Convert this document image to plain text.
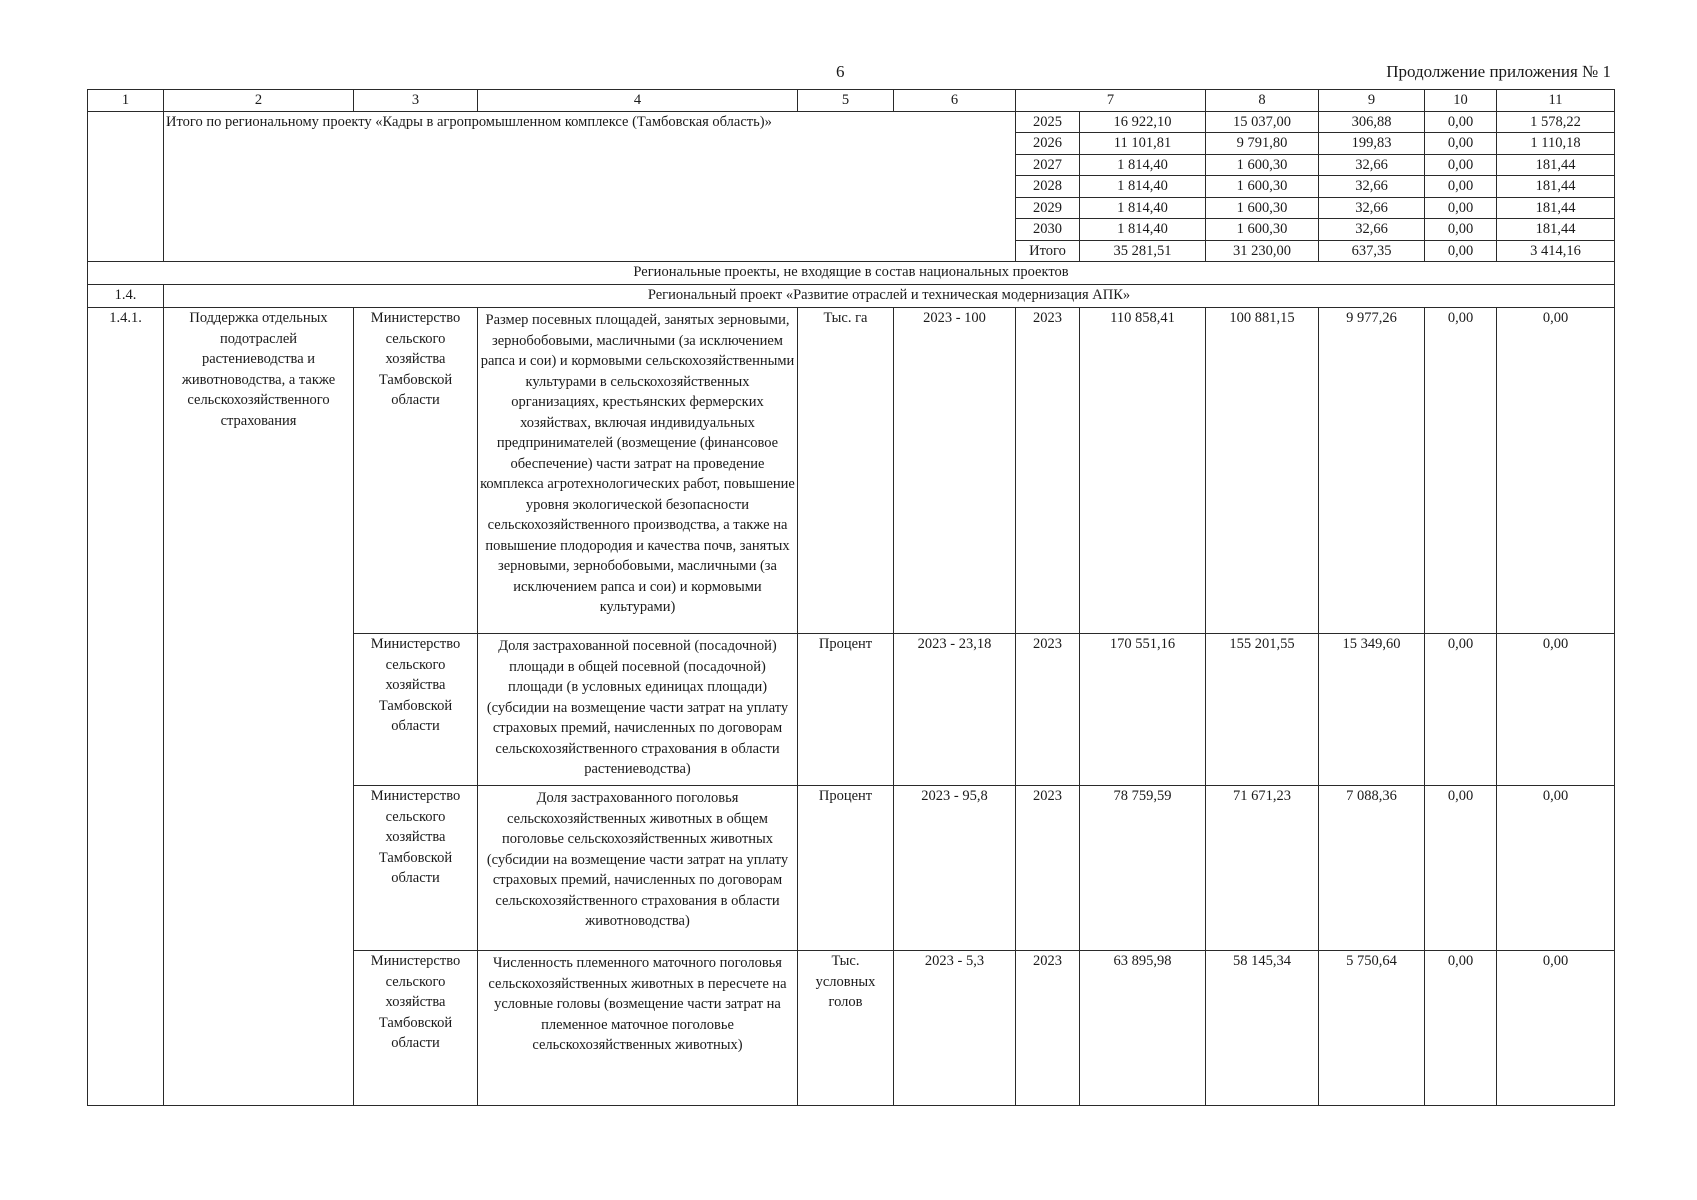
6	Продолжение приложения № 1
1	2	3	4	5	6	7		8	9	10	11
	Итого по региональному проекту «Кадры в агропромышленном комплексе (Тамбовская область)»					2025	16 922,10	15 037,00	306,88	0,00	1 578,22
						2026	11 101,81	9 791,80	199,83	0,00	1 110,18
						2027	1 814,40	1 600,30	32,66	0,00	181,44
						2028	1 814,40	1 600,30	32,66	0,00	181,44
						2029	1 814,40	1 600,30	32,66	0,00	181,44
						2030	1 814,40	1 600,30	32,66	0,00	181,44
						Итого	35 281,51	31 230,00	637,35	0,00	3 414,16
Региональные проекты, не входящие в состав национальных проектов											
1.4.	Региональный проект «Развитие отраслей и техническая модернизация АПК»										
1.4.1.	Поддержка отдельных подотраслей растениеводства и животноводства, а также сельскохозяйственного страхования	Министерство сельского хозяйства Тамбовской области	Размер посевных площадей, занятых зерновыми, зернобобовыми, масличными (за исключением рапса и сои) и кормовыми сельскохозяйственными культурами в сельскохозяйственных организациях, крестьянских фермерских хозяйствах, включая индивидуальных предпринимателей (возмещение (финансовое обеспечение) части затрат на проведение комплекса агротехнологических работ, повышение уровня экологической безопасности сельскохозяйственного производства, а также на повышение плодородия и качества почв, занятых зерновыми, зернобобовыми, масличными (за исключением рапса и сои) и кормовыми культурами)	Тыс. га	2023 - 100	2023	110 858,41	100 881,15	9 977,26	0,00	0,00
		Министерство сельского хозяйства Тамбовской области	Доля застрахованной посевной (посадочной) площади в общей посевной (посадочной) площади (в условных единицах площади) (субсидии на возмещение части затрат на уплату страховых премий, начисленных по договорам сельскохозяйственного страхования в области растениеводства)	Процент	2023 - 23,18	2023	170 551,16	155 201,55	15 349,60	0,00	0,00
		Министерство сельского хозяйства Тамбовской области	Доля застрахованного поголовья сельскохозяйственных животных в общем поголовье сельскохозяйственных животных (субсидии на возмещение части затрат на уплату страховых премий, начисленных по договорам сельскохозяйственного страхования в области животноводства)	Процент	2023 - 95,8	2023	78 759,59	71 671,23	7 088,36	0,00	0,00
		Министерство сельского хозяйства Тамбовской области	Численность племенного маточного поголовья сельскохозяйственных животных в пересчете на условные головы (возмещение части затрат на племенное маточное поголовье сельскохозяйственных животных)	Тыс. условных голов	2023 - 5,3	2023	63 895,98	58 145,34	5 750,64	0,00	0,00
